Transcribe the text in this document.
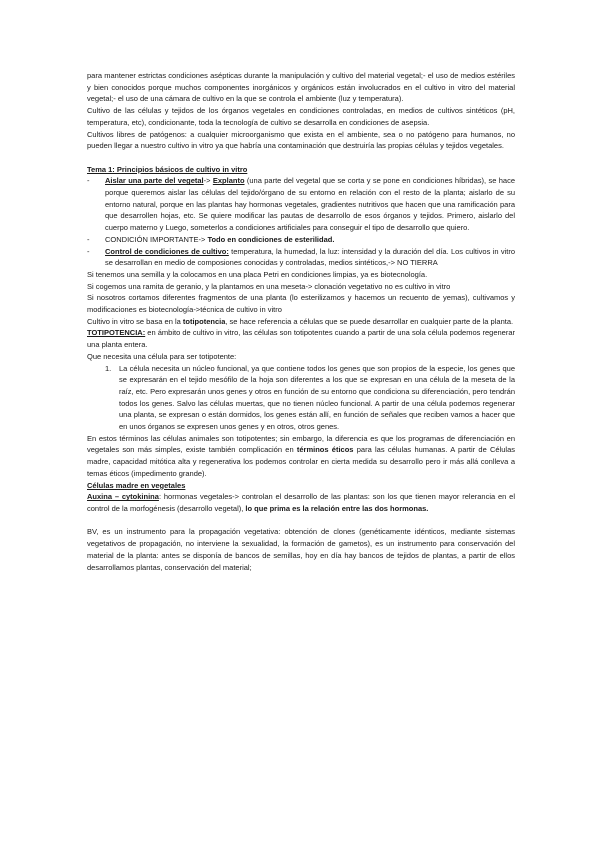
para mantener estrictas condiciones asépticas durante la manipulación y cultivo del material vegetal;- el uso de medios estériles y bien conocidos porque muchos componentes inorgánicos y orgánicos están involucrados en el cultivo in vitro del material vegetal;- el uso de una cámara de cultivo en la que se controla el ambiente (luz y temperatura).

Cultivo de las células y tejidos de los órganos vegetales en condiciones controladas, en medios de cultivos sintéticos (pH, temperatura, etc), condicionante, toda la tecnología de cultivo se desarrolla en condiciones de asepsia.

Cultivos libres de patógenos: a cualquier microorganismo que exista en el ambiente, sea o no patógeno para humanos, no pueden llegar a nuestro cultivo in vitro ya que habría una contaminación que destruiría las propias células y tejidos vegetales.

Tema 1: Principios básicos de cultivo in vitro

- Aislar una parte del vegetal-> Explanto (una parte del vegetal que se corta y se pone en condiciones híbridas), se hace porque queremos aislar las células del tejido/órgano de su entorno en relación con el resto de la planta; aislarlo de su entorno natural, porque en las plantas hay hormonas vegetales, gradientes nutritivos que hacen que una ramificación para que desarrollen hojas, etc. Se quiere modificar las pautas de desarrollo de esos órganos y tejidos. Primero, aislarlo del cuerpo materno y Luego, someterlos a condiciones artificiales para conseguir el tipo de desarrollo que quiero.
- CONDICIÓN IMPORTANTE-> Todo en condiciones de esterilidad.
- Control de condiciones de cultivo: temperatura, la humedad, la luz: intensidad y la duración del día. Los cultivos in vitro se desarrollan en medio de composiones conocidas y controladas, medios sintéticos,-> NO TIERRA

Si tenemos una semilla y la colocamos en una placa Petri en condiciones limpias, ya es biotecnología.

Si cogemos una ramita de geranio, y la plantamos en una meseta-> clonación vegetativo no es cultivo in vitro

Si nosotros cortamos diferentes fragmentos de una planta (lo esterilizamos y hacemos un recuento de yemas), cultivamos y modificaciones es biotecnología->técnica de cultivo in vitro

Cultivo in vitro se basa en la totipotencia, se hace referencia a células que se puede desarrollar en cualquier parte de la planta.

TOTIPOTENCIA: en ámbito de cultivo in vitro, las células son totipotentes cuando a partir de una sola célula podemos regenerar una planta entera.

Que necesita una célula para ser totipotente:

1. La célula necesita un núcleo funcional, ya que contiene todos los genes que son propios de la especie, los genes que se expresarán en el tejido mesófilo de la hoja son diferentes a los que se expresan en una célula de la meseta de la raíz, etc. Pero expresarán unos genes y otros en función de su entorno que condiciona su diferenciación, pero tendrán todos los genes. Salvo las células muertas, que no tienen núcleo funcional. A partir de una célula podemos regenerar una planta, se expresan o están dormidos, los genes están allí, en función de señales que reciben vamos a hacer que en unos órganos se expresen unos genes y en otros, otros genes.

En estos términos las células animales son totipotentes; sin embargo, la diferencia es que los programas de diferenciación en vegetales son más simples, existe también complicación en términos éticos para las células humanas. A partir de Células madre, capacidad mitótica alta y regenerativa los podemos controlar en cierta medida su desarrollo pero ir más allá conlleva a temas éticos (impedimento grande).

Células madre en vegetales

Auxina – cytokinina: hormonas vegetales-> controlan el desarrollo de las plantas: son los que tienen mayor relerancia en el control de la morfogénesis (desarrollo vegetal), lo que prima es la relación entre las dos hormonas.

BV, es un instrumento para la propagación vegetativa: obtención de clones (genéticamente idénticos, mediante sistemas vegetativos de propagación, no interviene la sexualidad, la formación de gametos), es un instrumento para conservación del material de la planta: antes se disponía de bancos de semillas, hoy en día hay bancos de tejidos de plantas, a partir de ellos desarrollamos plantas, conservación del material;
